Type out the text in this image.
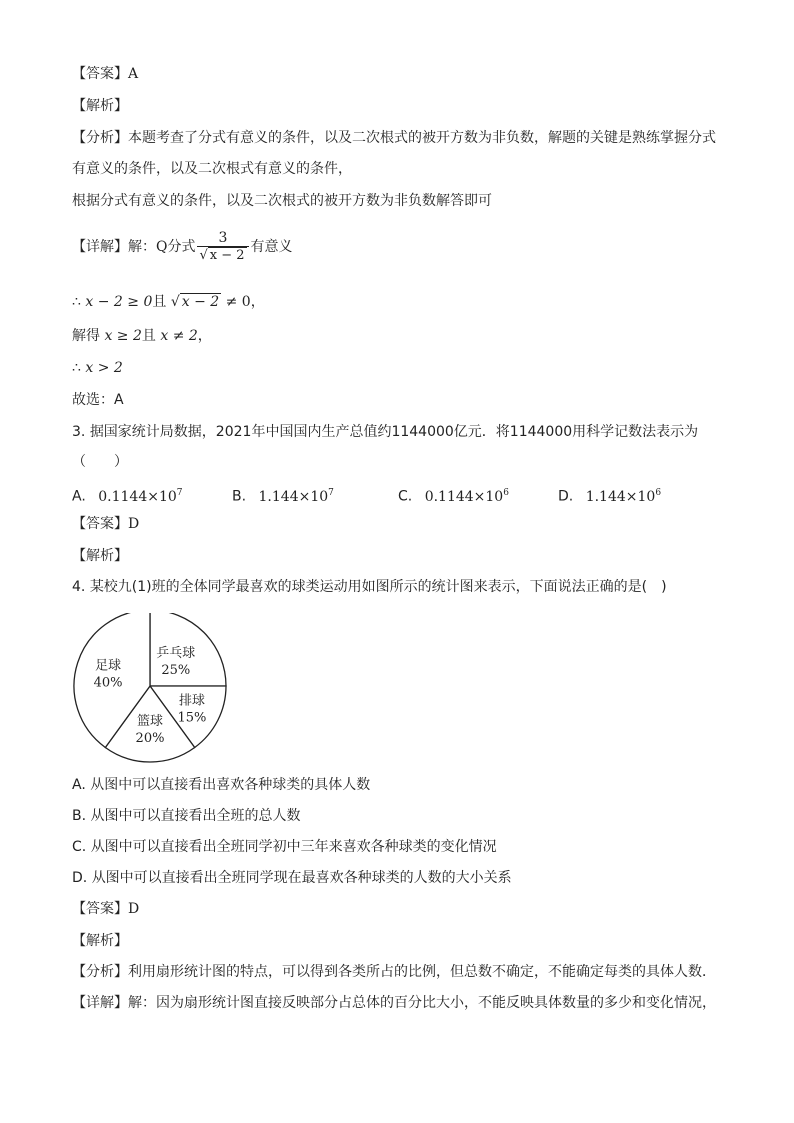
【答案】A
【解析】
【分析】本题考查了分式有意义的条件，以及二次根式的被开方数为非负数，解题的关键是熟练掌握分式
有意义的条件，以及二次根式有意义的条件，
根据分式有意义的条件，以及二次根式的被开方数为非负数解答即可
【详解】解：Q分式 $\frac{3}{√ x - 2}$ 有意义
∴ x − 2 ≥ 0且 √ x − 2 ≠ 0，
解得 x ≥ 2且 x ≠ 2，
∴ x > 2
故选：A
3. 据国家统计局数据，2021年中国国内生产总值约1144000亿元．将1144000用科学记数法表示为
（　　）
A. $0.1144\times 10^7$	B. $1.144\times 10^7$	C. $0.1144\times 10^6$	D. $1.144\times 10^6$
【答案】D
【解析】
4. 某校九(1)班的全体同学最喜欢的球类运动用如图所示的统计图来表示，下面说法正确的是(　)
乒乓球
25%
排球
15%
篮球
20%
足球
40%
A. 从图中可以直接看出喜欢各种球类的具体人数
B. 从图中可以直接看出全班的总人数
C. 从图中可以直接看出全班同学初中三年来喜欢各种球类的变化情况
D. 从图中可以直接看出全班同学现在最喜欢各种球类的人数的大小关系
【答案】D
【解析】
【分析】利用扇形统计图的特点，可以得到各类所占的比例，但总数不确定，不能确定每类的具体人数．
【详解】解：因为扇形统计图直接反映部分占总体的百分比大小，不能反映具体数量的多少和变化情况，
